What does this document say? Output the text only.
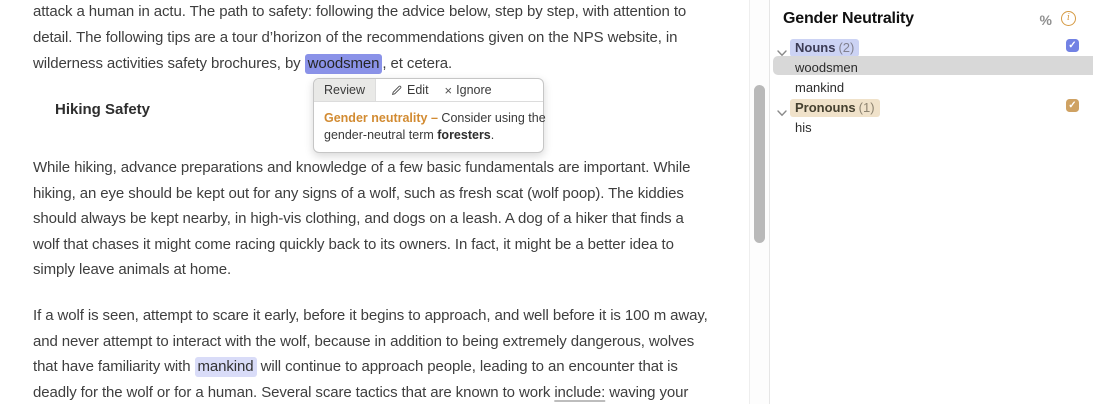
attack a human in actu. The path to safety: following the advice below, step by step, with attention to
detail. The following tips are a tour d’horizon of the recommendations given on the NPS website, in
wilderness activities safety brochures, by woodsmen , et cetera.
Hiking Safety
While hiking, advance preparations and knowledge of a few basic fundamentals are important. While
hiking, an eye should be kept out for any signs of a wolf, such as fresh scat (wolf poop). The kiddies
should always be kept nearby, in high-vis clothing, and dogs on a leash. A dog of a hiker that finds a
wolf that chases it might come racing quickly back to its owners. In fact, it might be a better idea to
simply leave animals at home.
If a wolf is seen, attempt to scare it early, before it begins to approach, and well before it is 100 m away,
and never attempt to interact with the wolf, because in addition to being extremely dangerous, wolves
that have familiarity with mankind will continue to approach people, leading to an encounter that is
deadly for the wolf or for a human. Several scare tactics that are known to work include: waving your
Review	Edit × Ignore
Gender neutrality – Consider using the
gender-neutral term foresters.
Gender Neutrality	%	i
Nouns (2)	✓
woodsmen
mankind
Pronouns (1)	✓
his
